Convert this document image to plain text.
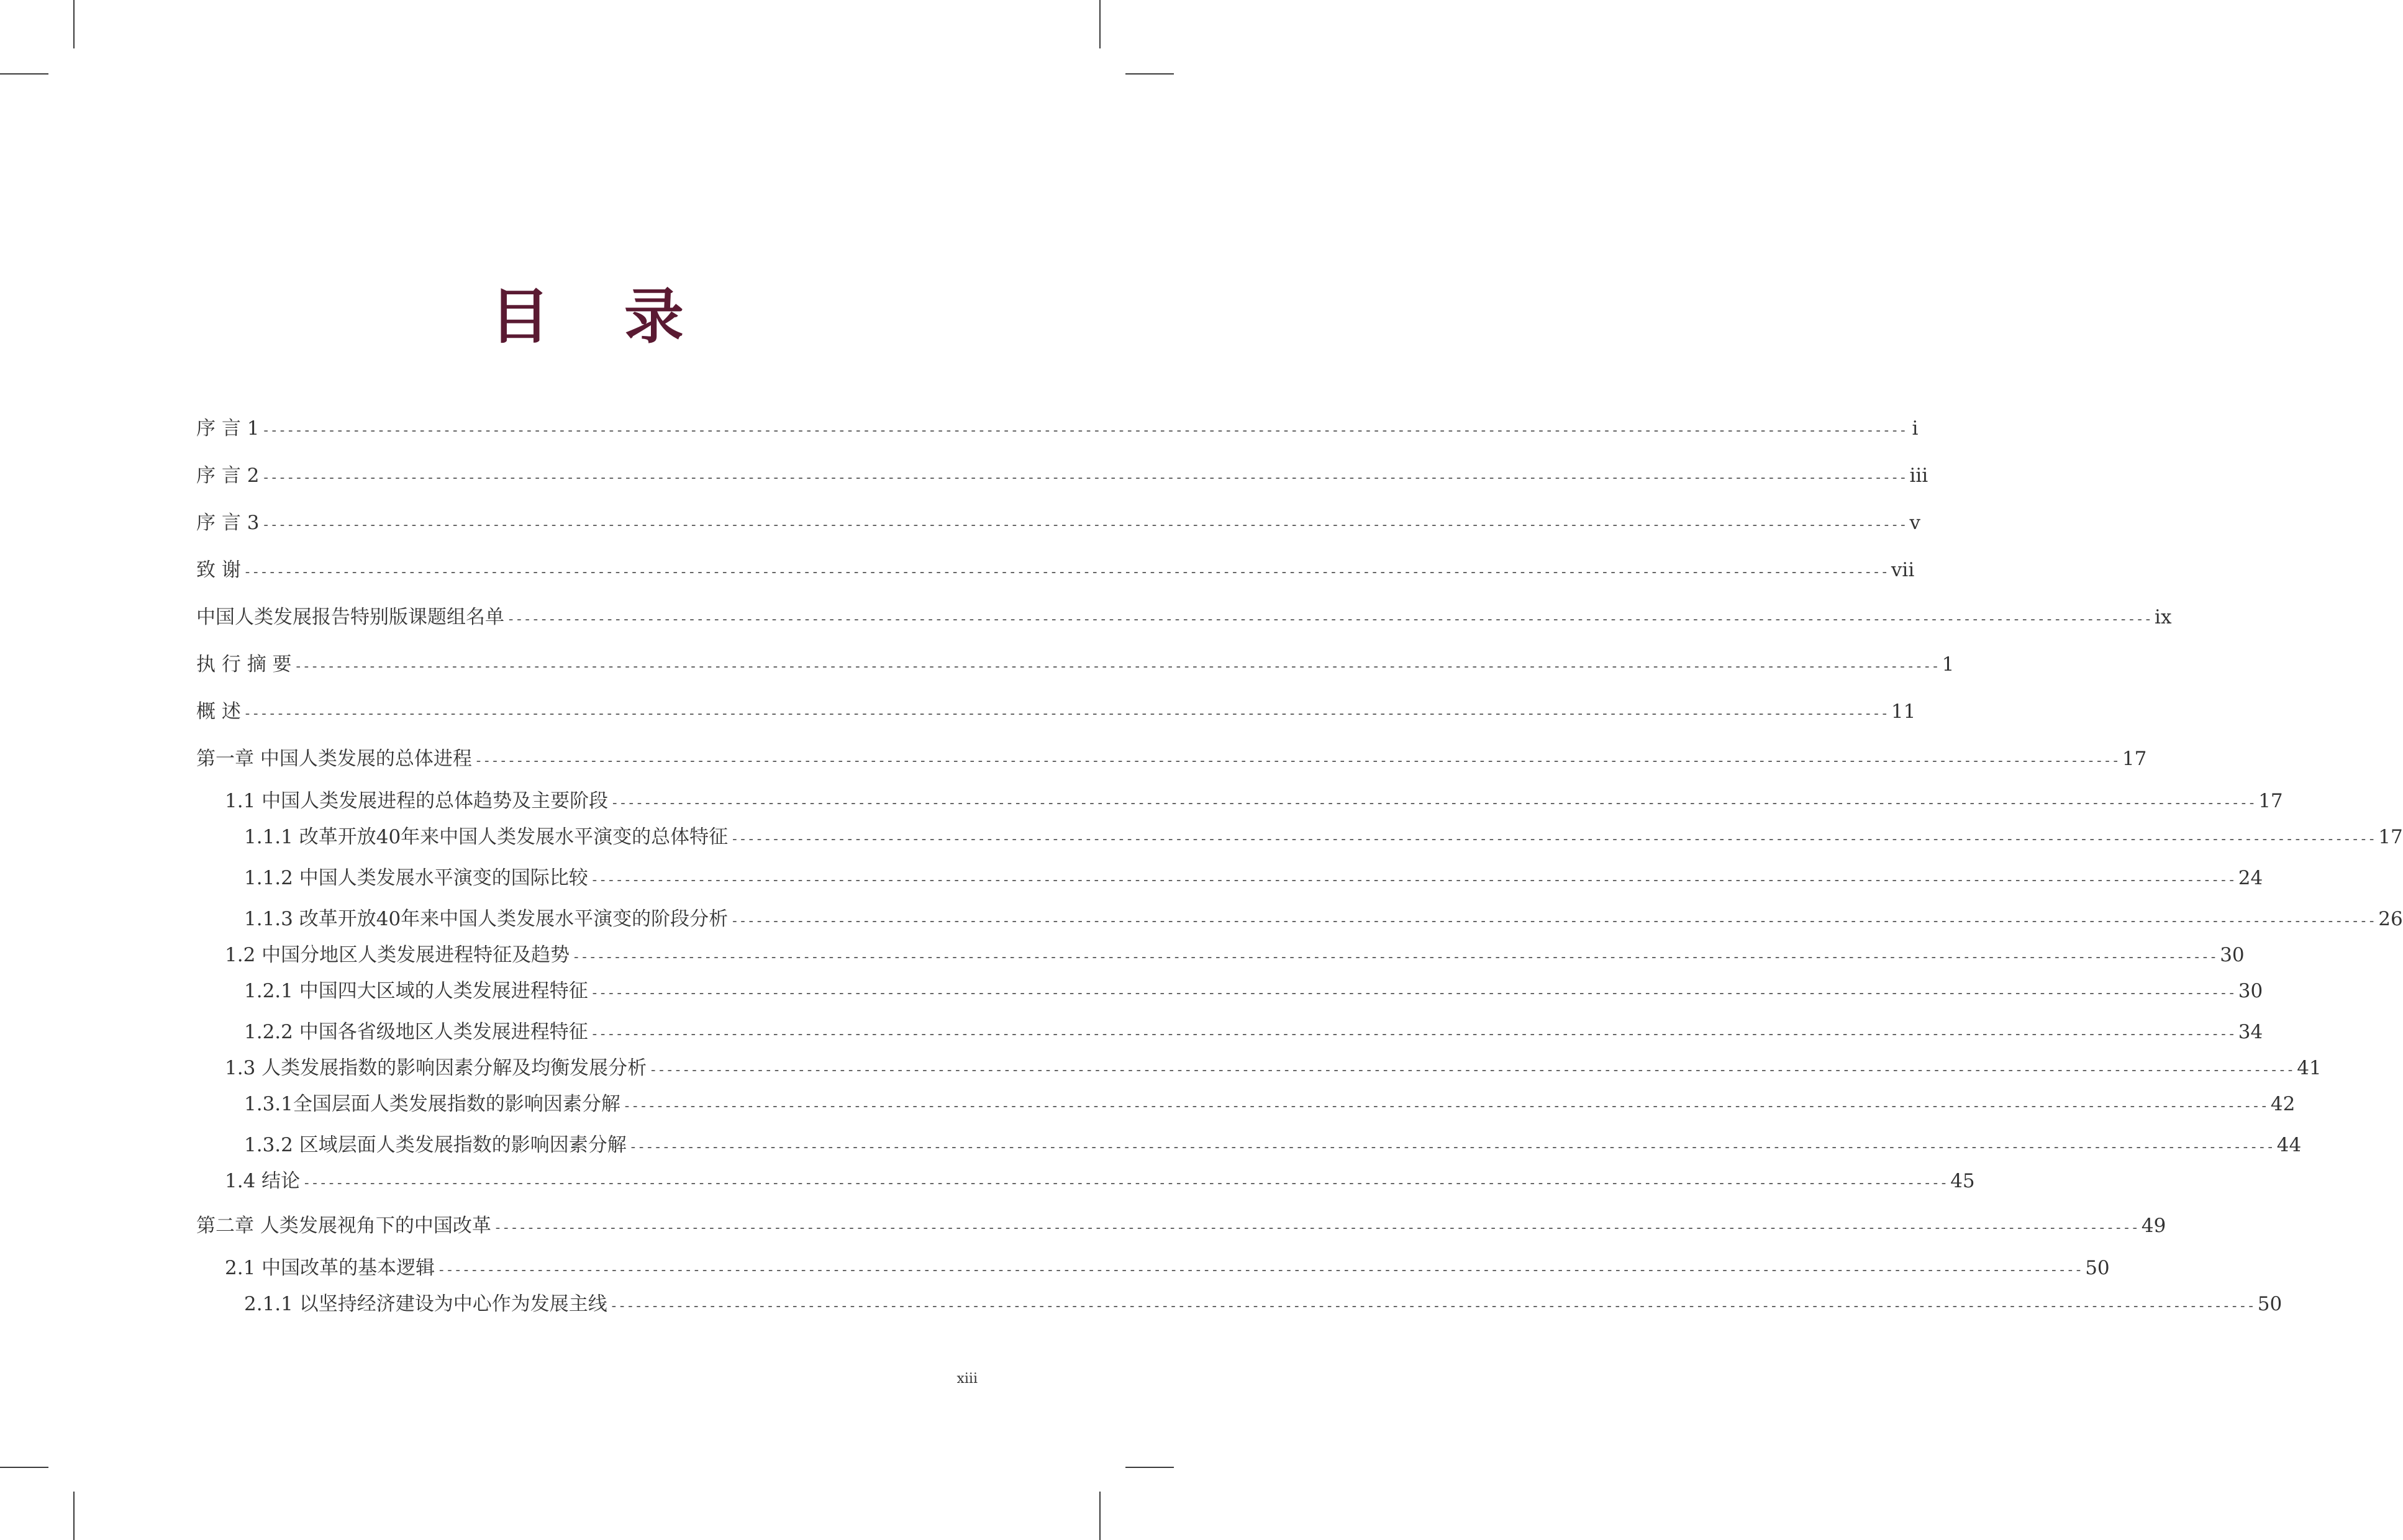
目 录
序 言 1 -------------------------------------------------------------------------------------------------------------------------------------------------------------------------------------------------------- i
序 言 2 -------------------------------------------------------------------------------------------------------------------------------------------------------------------------------------------------------- iii
序 言 3 -------------------------------------------------------------------------------------------------------------------------------------------------------------------------------------------------------- v
致 谢 -------------------------------------------------------------------------------------------------------------------------------------------------------------------------------------------------------- vii
中国人类发展报告特别版课题组名单 -------------------------------------------------------------------------------------------------------------------------------------------------------------------------------------------------------- ix
执 行 摘 要 -------------------------------------------------------------------------------------------------------------------------------------------------------------------------------------------------------- 1
概 述 -------------------------------------------------------------------------------------------------------------------------------------------------------------------------------------------------------- 11
第一章 中国人类发展的总体进程 -------------------------------------------------------------------------------------------------------------------------------------------------------------------------------------------------------- 17
1.1 中国人类发展进程的总体趋势及主要阶段 -------------------------------------------------------------------------------------------------------------------------------------------------------------------------------------------------------- 17
1.1.1 改革开放40年来中国人类发展水平演变的总体特征 -------------------------------------------------------------------------------------------------------------------------------------------------------------------------------------------------------- 17
1.1.2 中国人类发展水平演变的国际比较 -------------------------------------------------------------------------------------------------------------------------------------------------------------------------------------------------------- 24
1.1.3 改革开放40年来中国人类发展水平演变的阶段分析 -------------------------------------------------------------------------------------------------------------------------------------------------------------------------------------------------------- 26
1.2 中国分地区人类发展进程特征及趋势 -------------------------------------------------------------------------------------------------------------------------------------------------------------------------------------------------------- 30
1.2.1 中国四大区域的人类发展进程特征 -------------------------------------------------------------------------------------------------------------------------------------------------------------------------------------------------------- 30
1.2.2 中国各省级地区人类发展进程特征 -------------------------------------------------------------------------------------------------------------------------------------------------------------------------------------------------------- 34
1.3 人类发展指数的影响因素分解及均衡发展分析 -------------------------------------------------------------------------------------------------------------------------------------------------------------------------------------------------------- 41
1.3.1全国层面人类发展指数的影响因素分解 -------------------------------------------------------------------------------------------------------------------------------------------------------------------------------------------------------- 42
1.3.2 区域层面人类发展指数的影响因素分解 -------------------------------------------------------------------------------------------------------------------------------------------------------------------------------------------------------- 44
1.4 结论 -------------------------------------------------------------------------------------------------------------------------------------------------------------------------------------------------------- 45
第二章 人类发展视角下的中国改革 -------------------------------------------------------------------------------------------------------------------------------------------------------------------------------------------------------- 49
2.1 中国改革的基本逻辑 -------------------------------------------------------------------------------------------------------------------------------------------------------------------------------------------------------- 50
2.1.1 以坚持经济建设为中心作为发展主线 -------------------------------------------------------------------------------------------------------------------------------------------------------------------------------------------------------- 50
xiii
